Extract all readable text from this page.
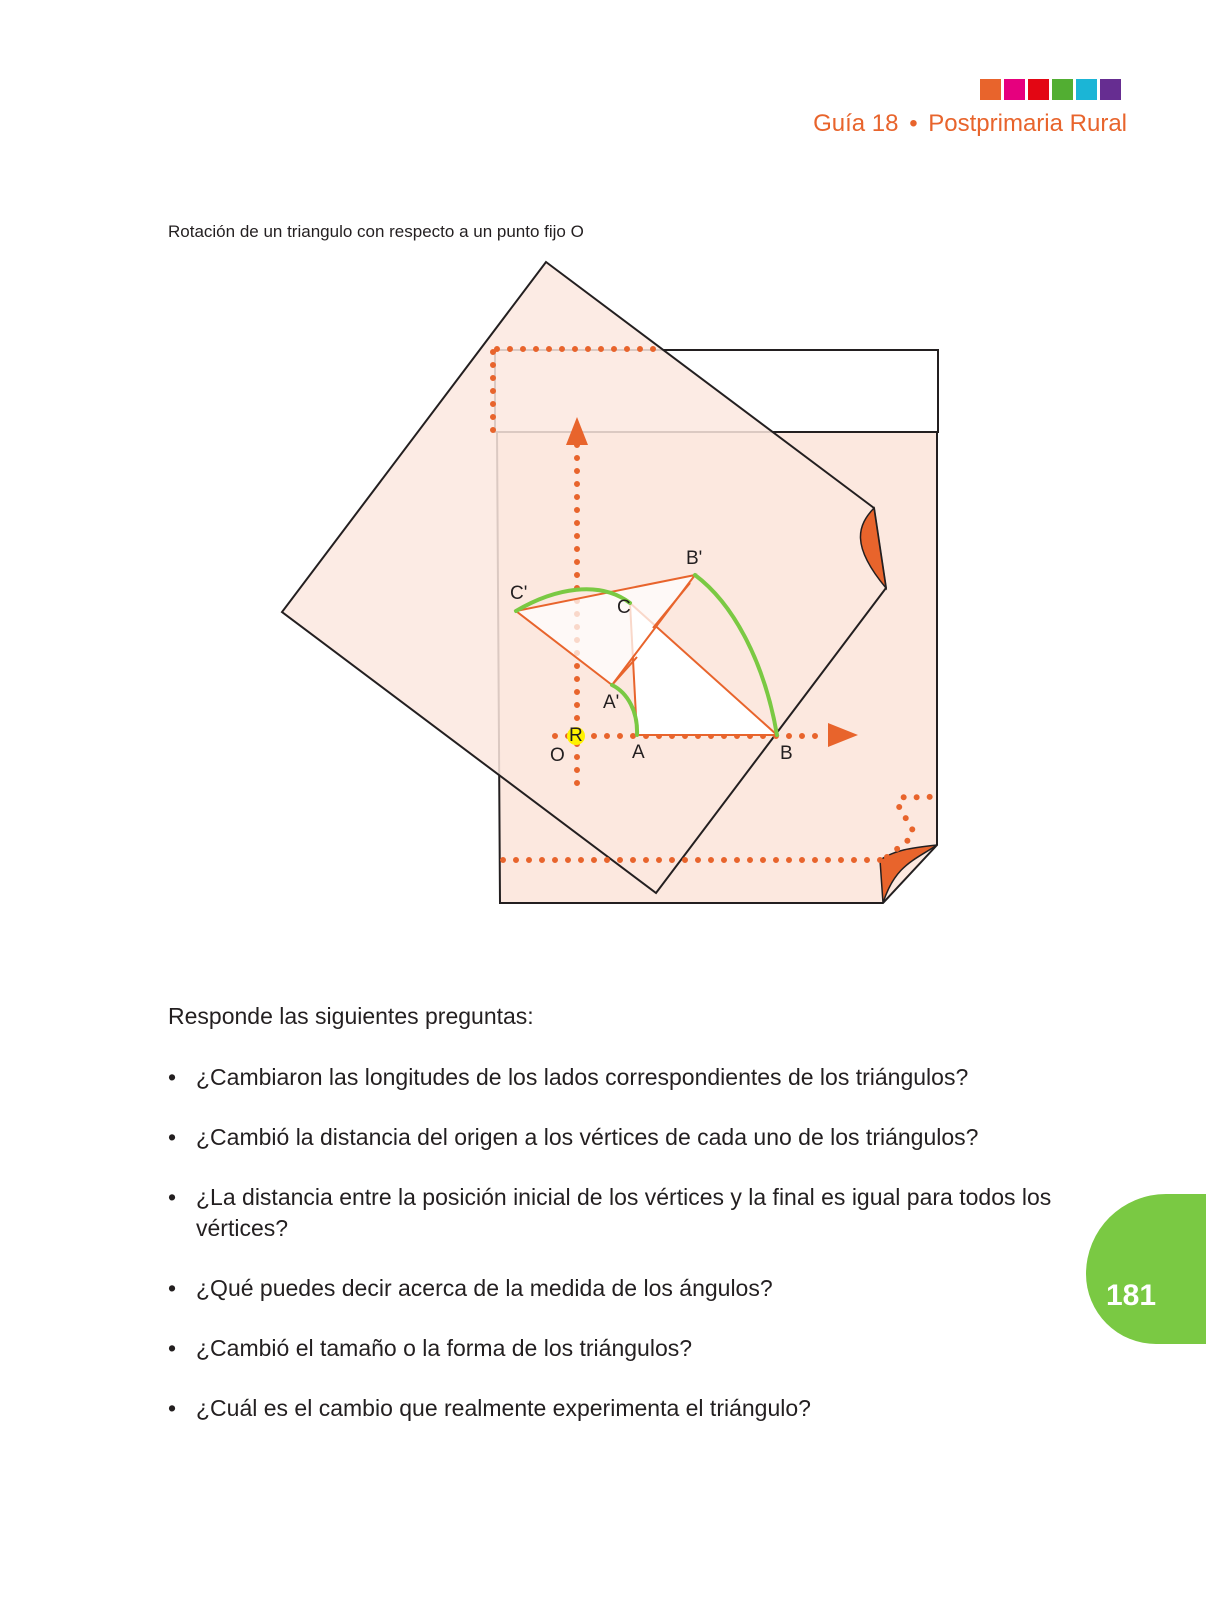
Guía 18 • Postprimaria Rural
Rotación de un triangulo con respecto a un punto fijo O
C'
C
B'
A'
R
O	A	B
Responde las siguientes preguntas:
• ¿Cambiaron las longitudes de los lados correspondientes de los triángulos?
• ¿Cambió la distancia del origen a los vértices de cada uno de los triángulos?
• ¿La distancia entre la posición inicial de los vértices y la final es igual para todos los vértices?
• ¿Qué puedes decir acerca de la medida de los ángulos?
• ¿Cambió el tamaño o la forma de los triángulos?
• ¿Cuál es el cambio que realmente experimenta el triángulo?
181
